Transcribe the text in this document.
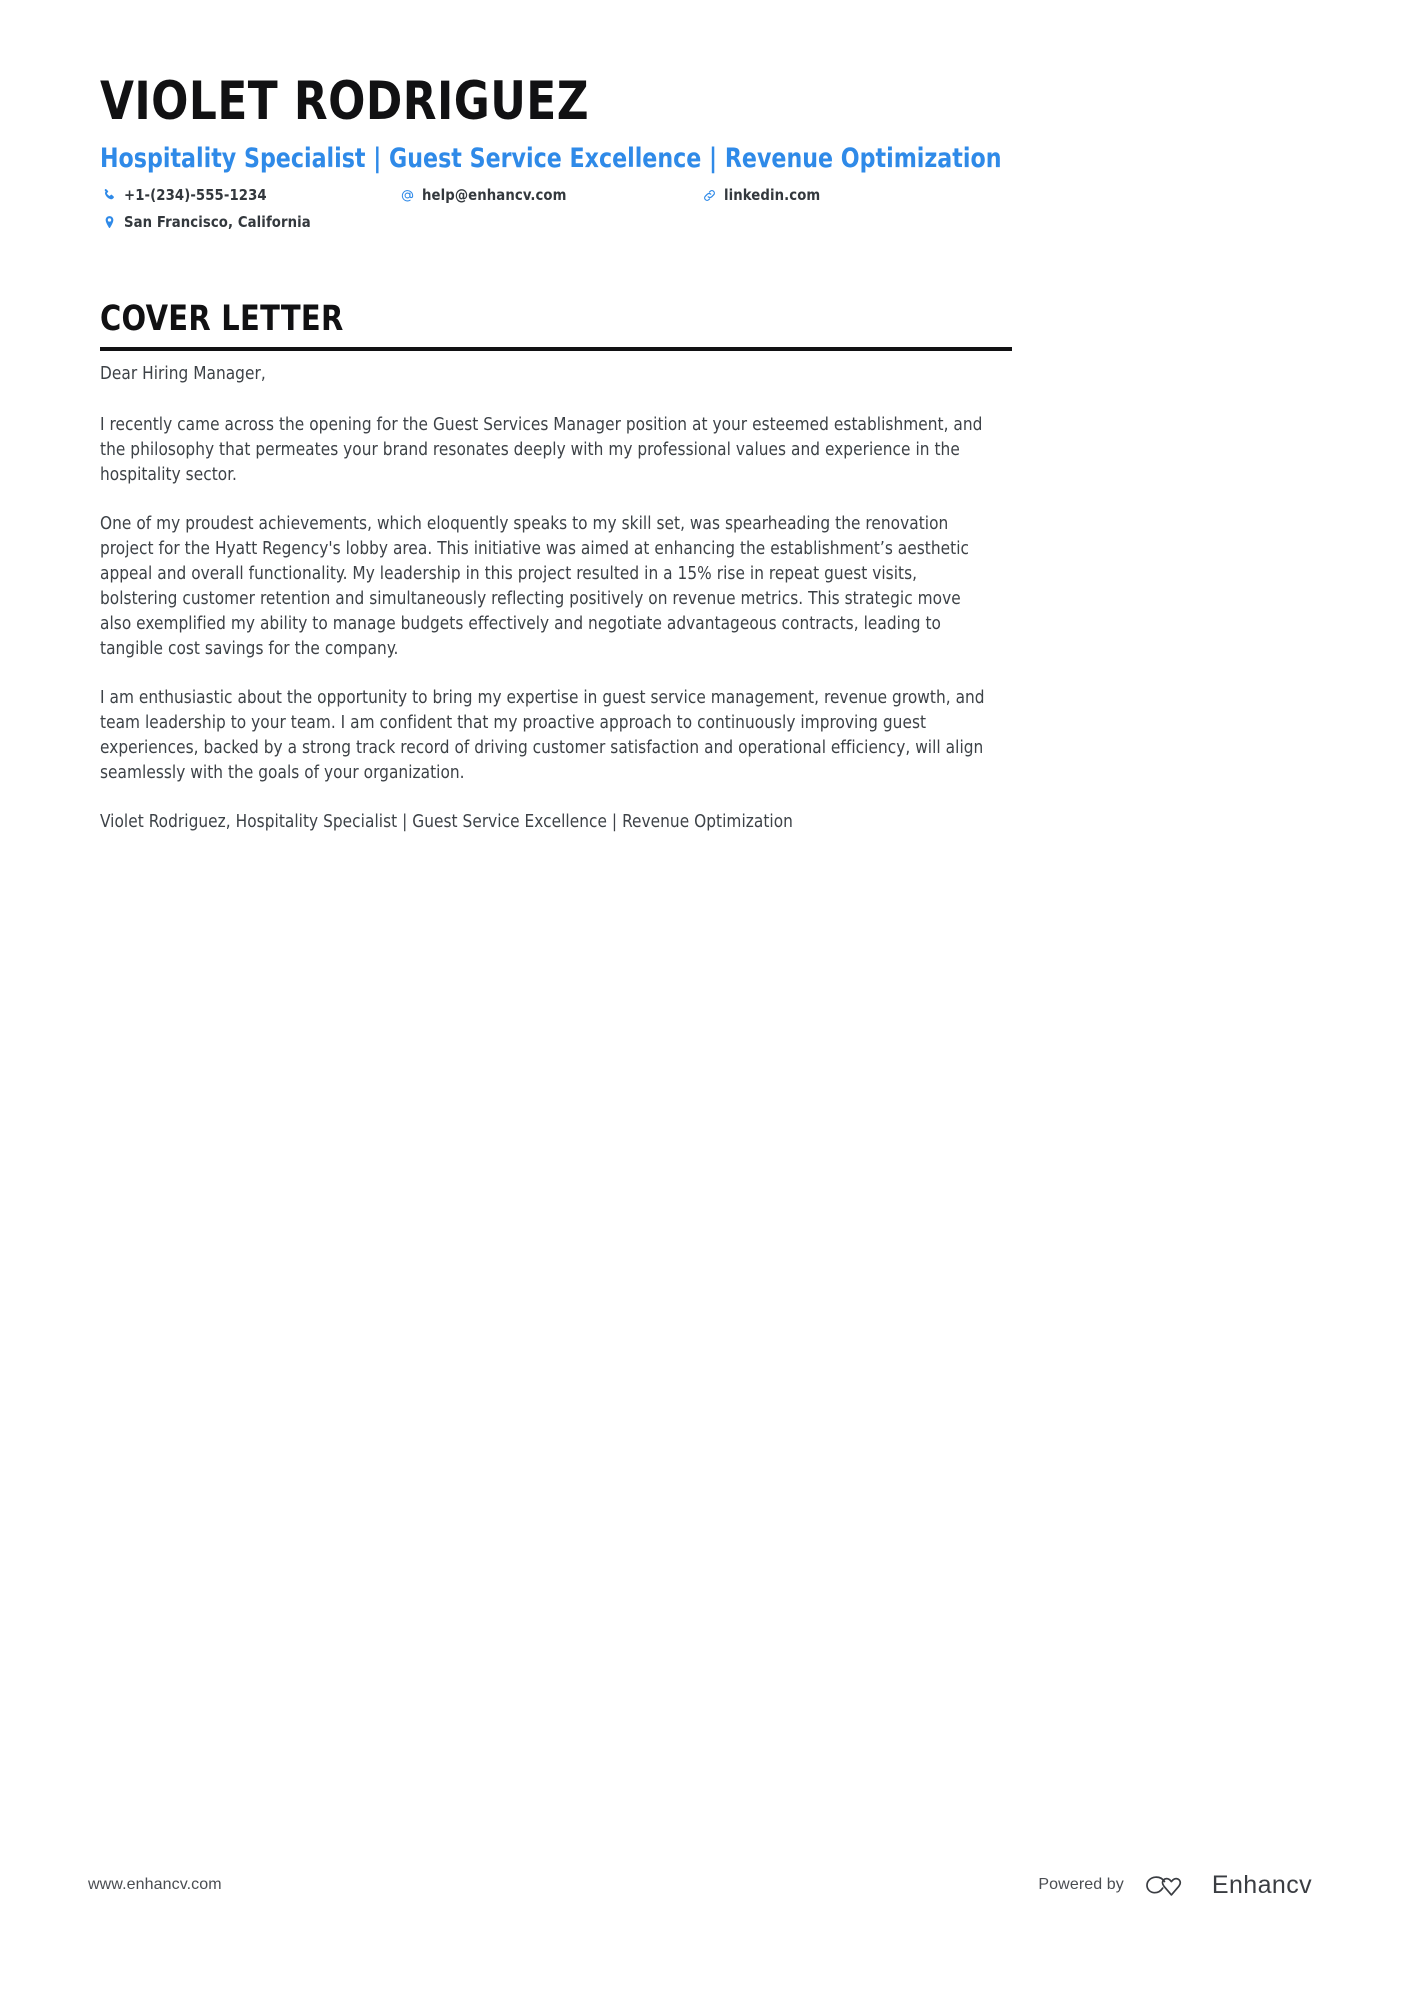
VIOLET RODRIGUEZ
Hospitality Specialist | Guest Service Excellence | Revenue Optimization
+1-(234)-555-1234	help@enhancv.com	linkedin.com
San Francisco, California
COVER LETTER

Dear Hiring Manager,

I recently came across the opening for the Guest Services Manager position at your esteemed establishment, and the philosophy that permeates your brand resonates deeply with my professional values and experience in the hospitality sector.

One of my proudest achievements, which eloquently speaks to my skill set, was spearheading the renovation project for the Hyatt Regency's lobby area. This initiative was aimed at enhancing the establishment’s aesthetic appeal and overall functionality. My leadership in this project resulted in a 15% rise in repeat guest visits, bolstering customer retention and simultaneously reflecting positively on revenue metrics. This strategic move also exemplified my ability to manage budgets effectively and negotiate advantageous contracts, leading to tangible cost savings for the company.

I am enthusiastic about the opportunity to bring my expertise in guest service management, revenue growth, and team leadership to your team. I am confident that my proactive approach to continuously improving guest experiences, backed by a strong track record of driving customer satisfaction and operational efficiency, will align seamlessly with the goals of your organization.

Violet Rodriguez, Hospitality Specialist | Guest Service Excellence | Revenue Optimization

www.enhancv.com	Powered by	Enhancv
